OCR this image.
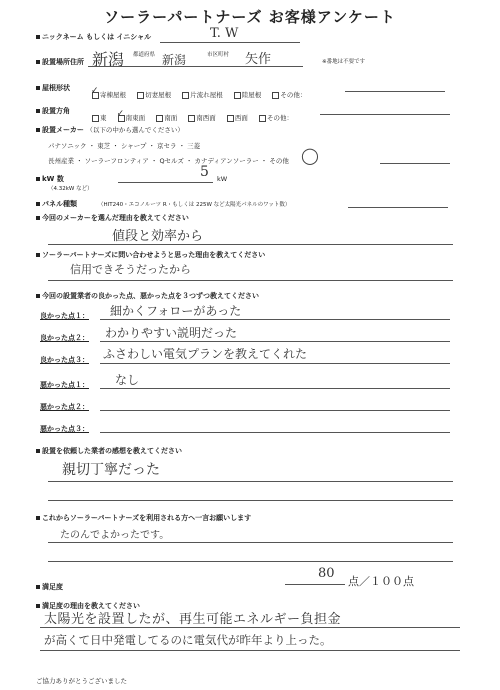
ソーラーパートナーズ お客様アンケート
ニックネーム もしくは イニシャル	T. W
設置場所住所 新潟 都道府県 新潟	市区町村 矢作	※番地は不要です
屋根形状 ✓ 寄棟屋根	切妻屋根	片流れ屋根	陸屋根	その他：
設置方角
東 ✓ 南東面	南面	南西面	西面	その他：
設置メーカー （以下の中から選んでください）
パナソニック ・ 東芝 ・ シャープ ・ 京セラ ・ 三菱
長州産業 ・ ソーラーフロンティア ・ Qセルズ ・ カナディアンソーラー ・ その他 ◯
kW 数
（4.32kW など）
5 kW
パネル種類	（HIT240・エコノルーツ R・もしくは 225W など太陽光パネルのワット数）
今回のメーカーを選んだ理由を教えてください
値段と効率から
ソーラーパートナーズに問い合わせようと思った理由を教えてください
信用できそうだったから
今回の設置業者の良かった点、悪かった点を３つずつ教えてください
良かった点１： 細かくフォローがあった
良かった点２： わかりやすい説明だった
良かった点３： ふさわしい電気プランを教えてくれた
悪かった点１： なし
悪かった点２：
悪かった点３：
設置を依頼した業者の感想を教えてください
親切丁寧だった
これからソーラーパートナーズを利用される方へ一言お願いします
たのんでよかったです。
満足度
80
点／１００点
満足度の理由を教えてください
太陽光を設置したが、再生可能エネルギー負担金
が高くて日中発電してるのに電気代が昨年より上った。
ご協力ありがとうございました
